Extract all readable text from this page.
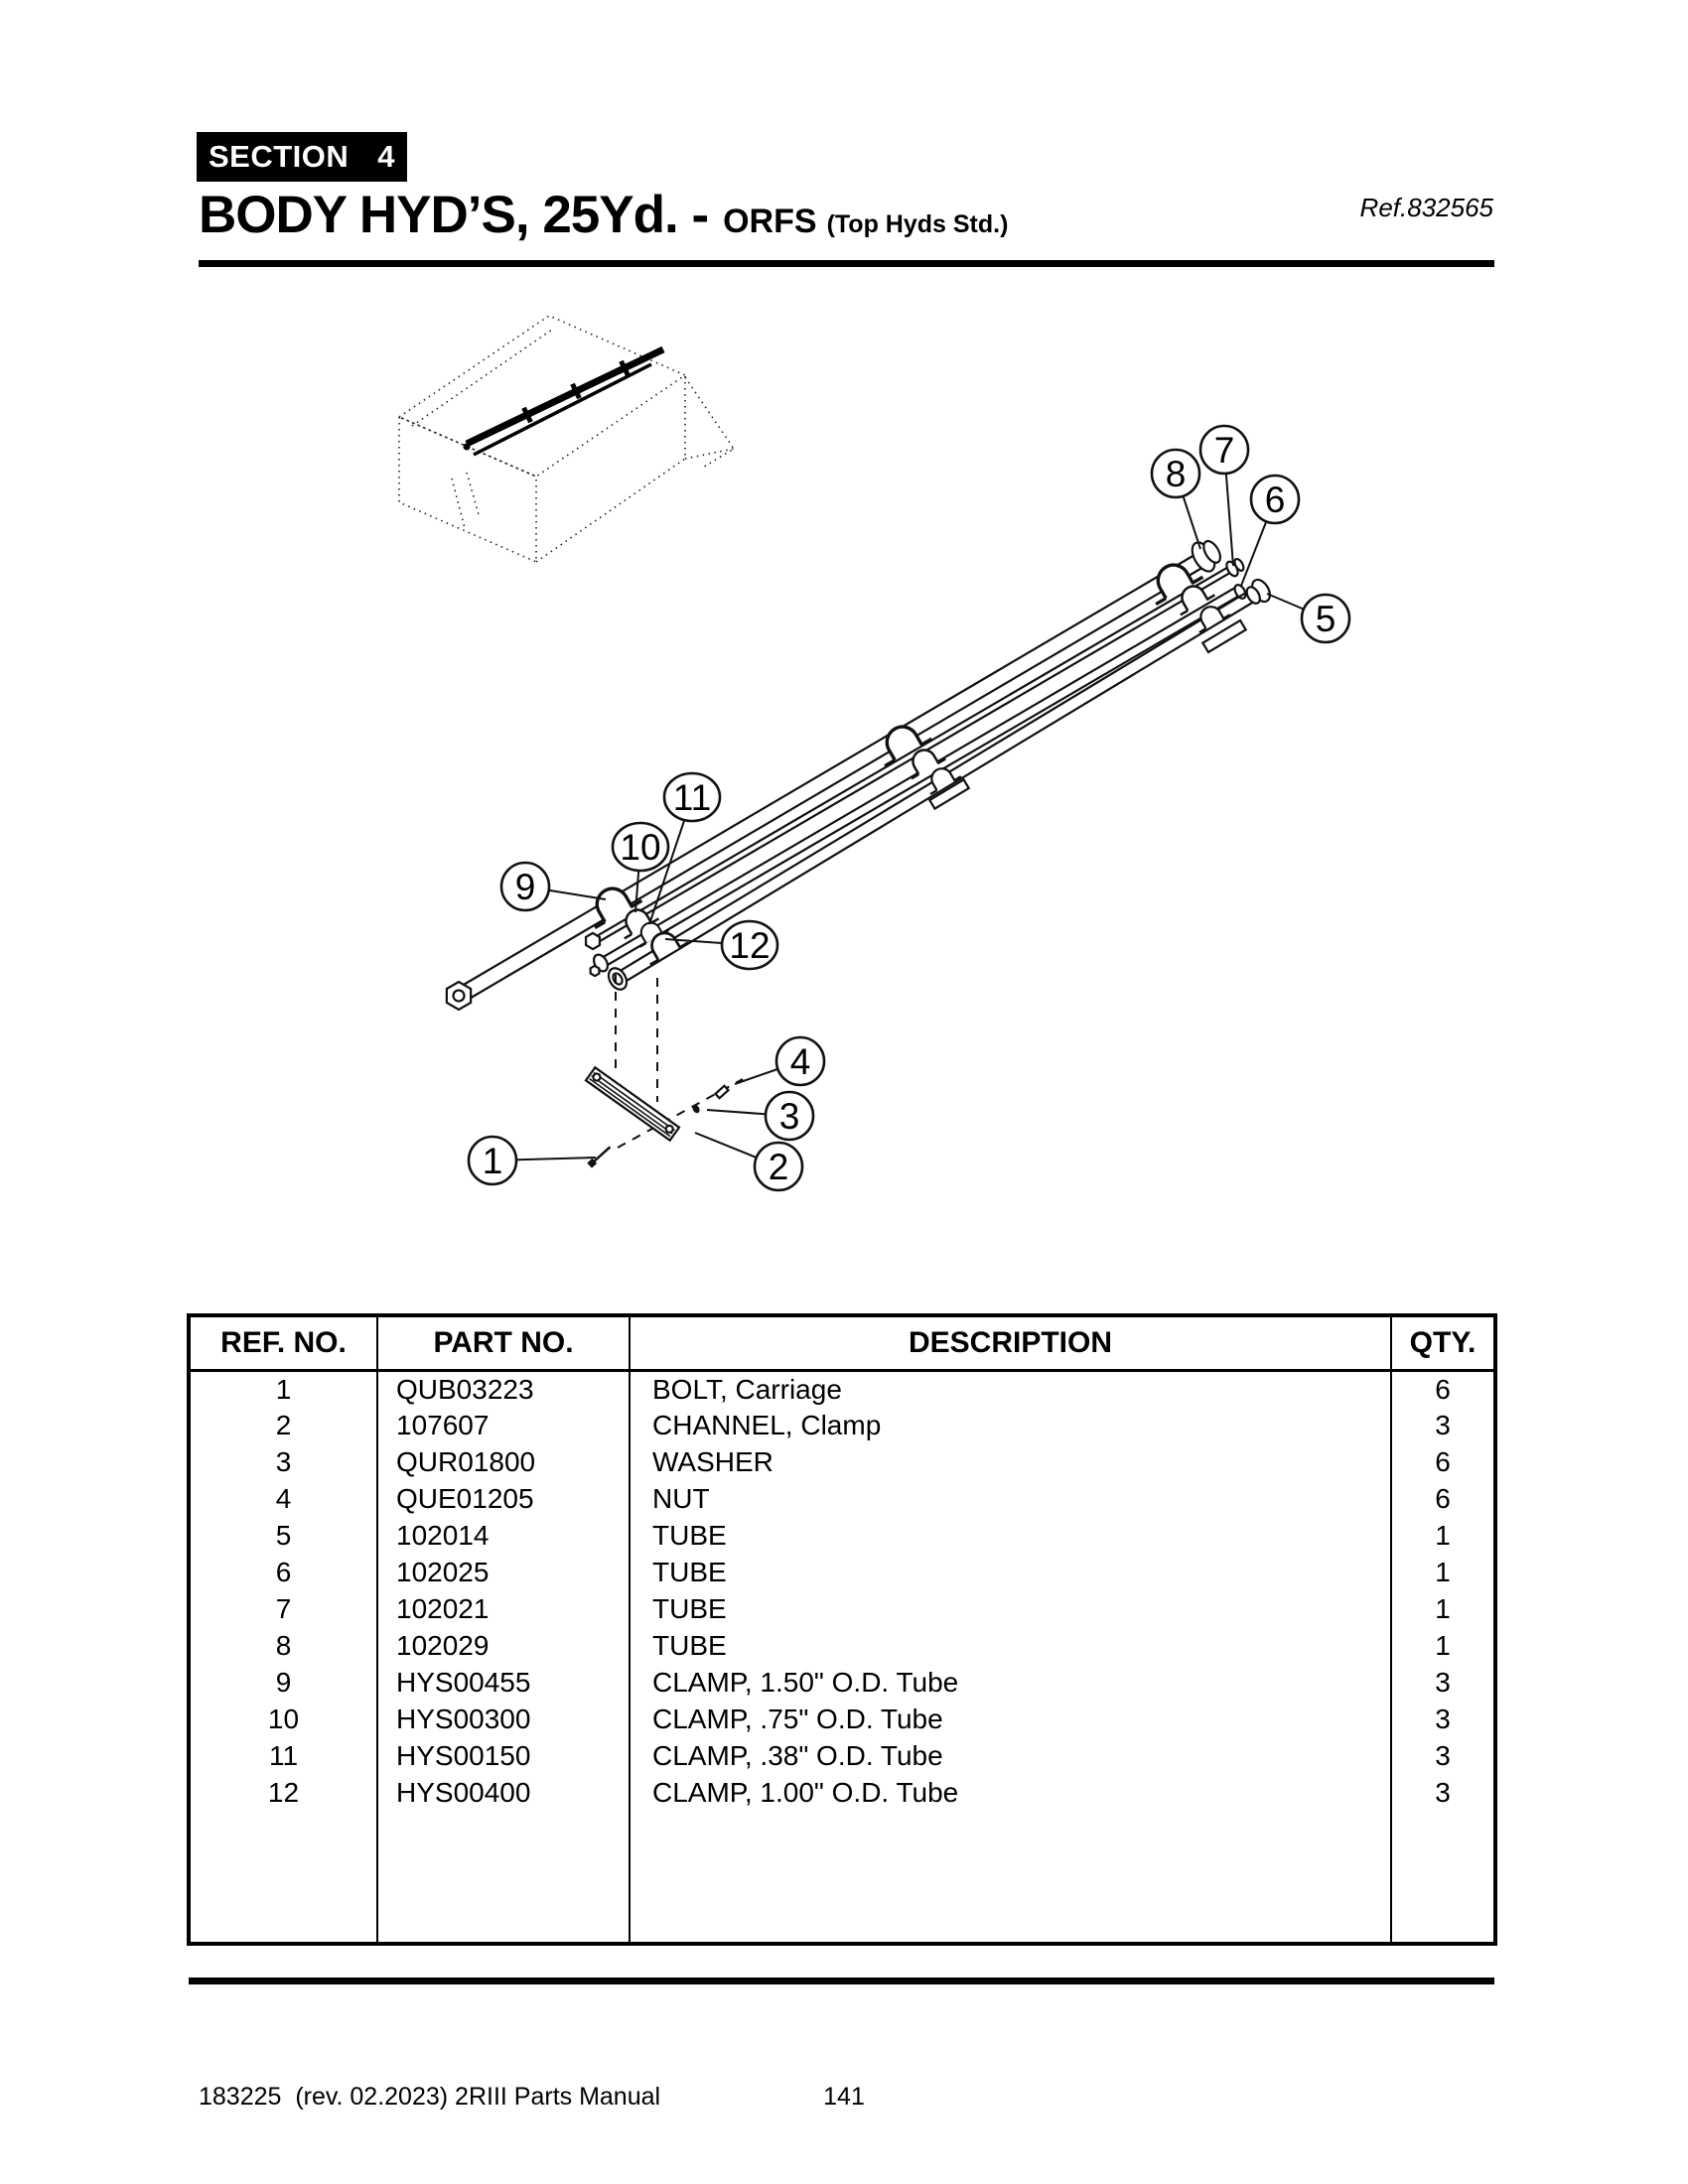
SECTION 4
BODY HYD’S, 25Yd. - ORFS (Top Hyds Std.)
Ref.832565
1	2
3
4
5
6
7
8
9
10
11
12
REF. NO.	PART NO.	DESCRIPTION	QTY.
1	QUB03223	BOLT, Carriage	6
2	107607	CHANNEL, Clamp	3
3	QUR01800	WASHER	6
4	QUE01205	NUT	6
5	102014	TUBE	1
6	102025	TUBE	1
7	102021	TUBE	1
8	102029	TUBE	1
9	HYS00455	CLAMP, 1.50" O.D. Tube	3
10	HYS00300	CLAMP, .75" O.D. Tube	3
11	HYS00150	CLAMP, .38" O.D. Tube	3
12	HYS00400	CLAMP, 1.00" O.D. Tube	3

183225  (rev. 02.2023) 2RIII Parts Manual	141
